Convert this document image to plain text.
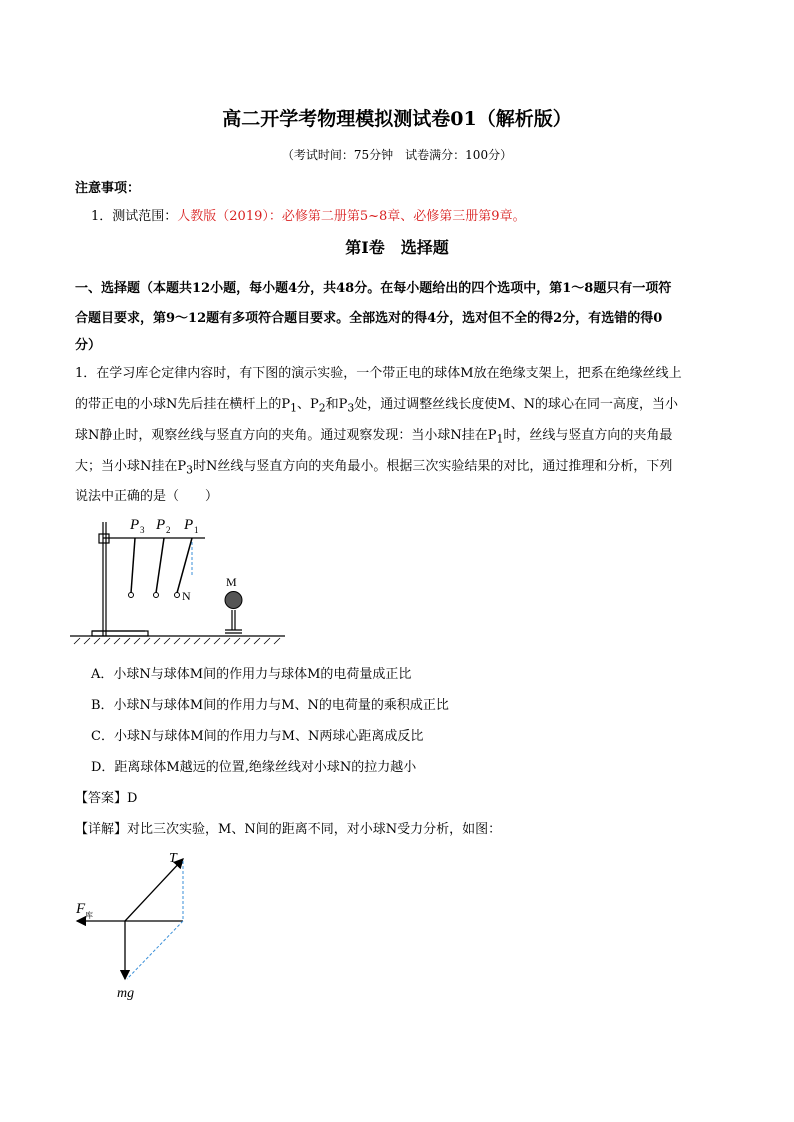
高二开学考物理模拟测试卷01（解析版）
（考试时间：75分钟　试卷满分：100分）
注意事项：
1．测试范围：人教版（2019）：必修第二册第5~8章、必修第三册第9章。
第Ⅰ卷　选择题
一、选择题（本题共12小题，每小题4分，共48分。在每小题给出的四个选项中，第1～8题只有一项符
合题目要求，第9～12题有多项符合题目要求。全部选对的得4分，选对但不全的得2分，有选错的得0
分）
1．在学习库仑定律内容时，有下图的演示实验，一个带正电的球体M放在绝缘支架上，把系在绝缘丝线上
的带正电的小球N先后挂在横杆上的$P_1$、$P_2$和$P_3$处，通过调整丝线长度使M、N的球心在同一高度，当小
球N静止时，观察丝线与竖直方向的夹角。通过观察发现：当小球N挂在$P_1$时，丝线与竖直方向的夹角最
大；当小球N挂在$P_3$时N丝线与竖直方向的夹角最小。根据三次实验结果的对比，通过推理和分析，下列
说法中正确的是（　　）
P P P
3 2	1
M
N
A．小球N与球体M间的作用力与球体M的电荷量成正比
B．小球N与球体M间的作用力与M、N的电荷量的乘积成正比
C．小球N与球体M间的作用力与M、N两球心距离成反比
D．距离球体M越远的位置,绝缘丝线对小球N的拉力越小
【答案】D
【详解】对比三次实验，M、N间的距离不同，对小球N受力分析，如图：
T
F 库
mg
